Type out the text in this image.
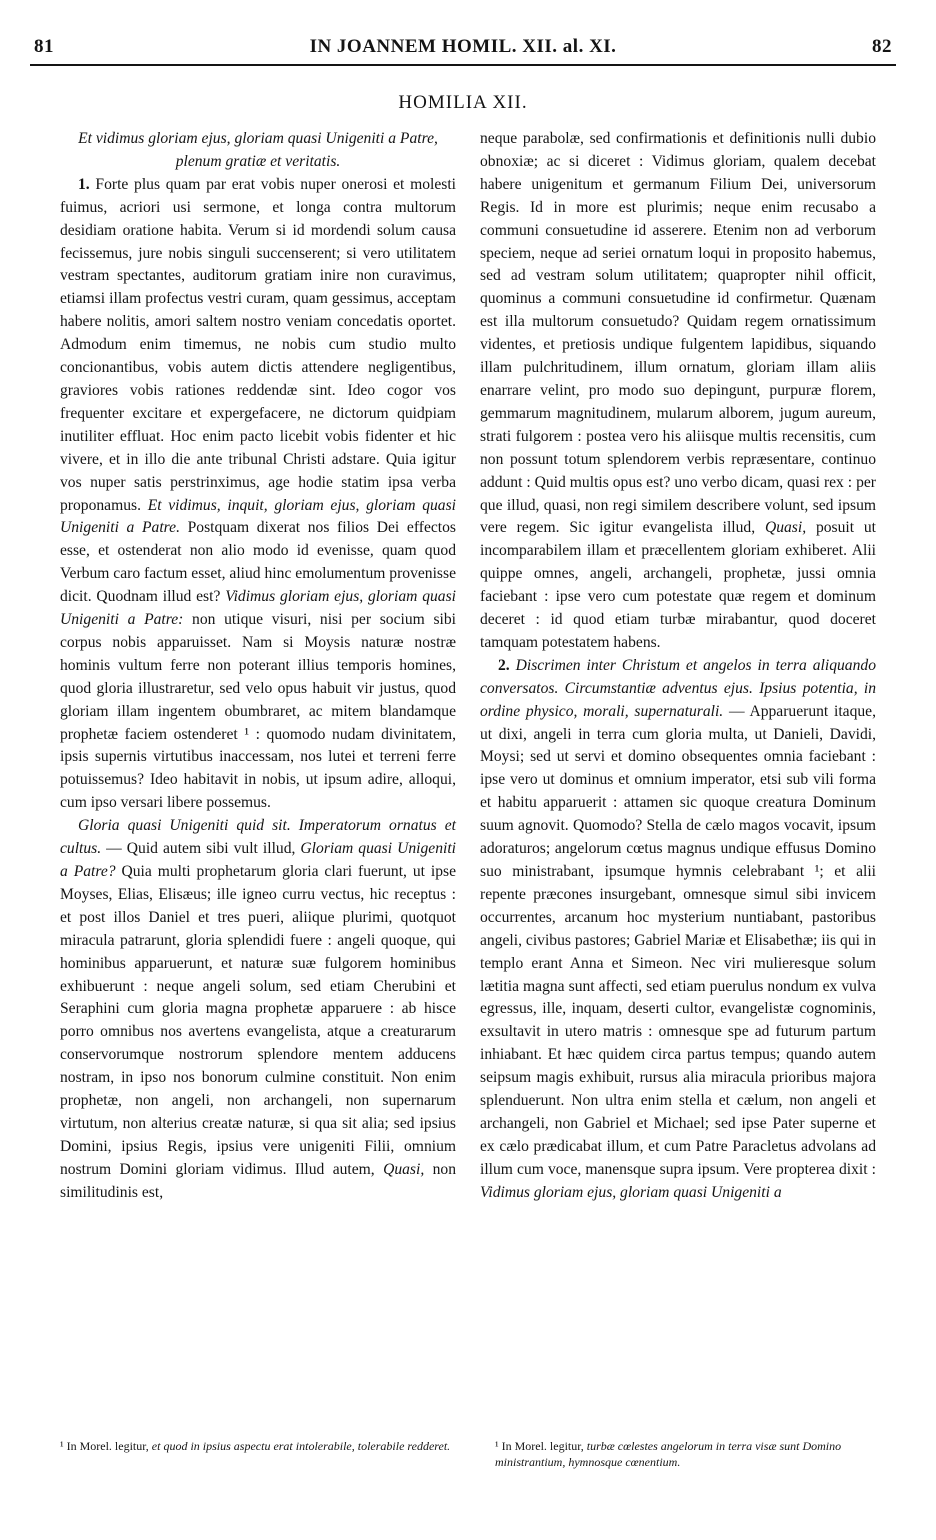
81	IN JOANNEM HOMIL. XII. al. XI.	82
HOMILIA XII.

Et vidimus gloriam ejus, gloriam quasi Unigeniti a Patre, plenum gratiæ et veritatis.

1. Forte plus quam par erat vobis nuper onerosi et molesti fuimus, acriori usi sermone, et longa contra multorum desidiam oratione habita. Verum si id mordendi solum causa fecissemus, jure nobis singuli succenserent; si vero utilitatem vestram spectantes, auditorum gratiam inire non curavimus, etiamsi illam profectus vestri curam, quam gessimus, acceptam habere nolitis, amori saltem nostro veniam concedatis oportet. Admodum enim timemus, ne nobis cum studio multo concionantibus, vobis autem dictis attendere negligentibus, graviores vobis rationes reddendæ sint. Ideo cogor vos frequenter excitare et expergefacere, ne dictorum quidpiam inutiliter effluat. Hoc enim pacto licebit vobis fidenter et hic vivere, et in illo die ante tribunal Christi adstare. Quia igitur vos nuper satis perstrinximus, age hodie statim ipsa verba proponamus. Et vidimus, inquit, gloriam ejus, gloriam quasi Unigeniti a Patre. Postquam dixerat nos filios Dei effectos esse, et ostenderat non alio modo id evenisse, quam quod Verbum caro factum esset, aliud hinc emolumentum provenisse dicit. Quodnam illud est? Vidimus gloriam ejus, gloriam quasi Unigeniti a Patre: non utique visuri, nisi per socium sibi corpus nobis apparuisset. Nam si Moysis naturæ nostræ hominis vultum ferre non poterant illius temporis homines, quod gloria illustraretur, sed velo opus habuit vir justus, quod gloriam illam ingentem obumbraret, ac mitem blandamque prophetæ faciem ostenderet ¹ : quomodo nudam divinitatem, ipsis supernis virtutibus inaccessam, nos lutei et terreni ferre potuissemus? Ideo habitavit in nobis, ut ipsum adire, alloqui, cum ipso versari libere possemus.

Gloria quasi Unigeniti quid sit. Imperatorum ornatus et cultus. — Quid autem sibi vult illud, Gloriam quasi Unigeniti a Patre? Quia multi prophetarum gloria clari fuerunt, ut ipse Moyses, Elias, Elisæus; ille igneo curru vectus, hic receptus : et post illos Daniel et tres pueri, aliique plurimi, quotquot miracula patrarunt, gloria splendidi fuere : angeli quoque, qui hominibus apparuerunt, et naturæ suæ fulgorem hominibus exhibuerunt : neque angeli solum, sed etiam Cherubini et Seraphini cum gloria magna prophetæ apparuere : ab hisce porro omnibus nos avertens evangelista, atque a creaturarum conservorumque nostrorum splendore mentem adducens nostram, in ipso nos bonorum culmine constituit. Non enim prophetæ, non angeli, non archangeli, non supernarum virtutum, non alterius creatæ naturæ, si qua sit alia; sed ipsius Domini, ipsius Regis, ipsius vere unigeniti Filii, omnium nostrum Domini gloriam vidimus. Illud autem, Quasi, non similitudinis est,

neque parabolæ, sed confirmationis et definitionis nulli dubio obnoxiæ; ac si diceret : Vidimus gloriam, qualem decebat habere unigenitum et germanum Filium Dei, universorum Regis. Id in more est plurimis; neque enim recusabo a communi consuetudine id asserere. Etenim non ad verborum speciem, neque ad seriei ornatum loqui in proposito habemus, sed ad vestram solum utilitatem; quapropter nihil officit, quominus a communi consuetudine id confirmetur. Quænam est illa multorum consuetudo? Quidam regem ornatissimum videntes, et pretiosis undique fulgentem lapidibus, siquando illam pulchritudinem, illum ornatum, gloriam illam aliis enarrare velint, pro modo suo depingunt, purpuræ florem, gemmarum magnitudinem, mularum alborem, jugum aureum, strati fulgorem : postea vero his aliisque multis recensitis, cum non possunt totum splendorem verbis repræsentare, continuo addunt : Quid multis opus est? uno verbo dicam, quasi rex : per que illud, quasi, non regi similem describere volunt, sed ipsum vere regem. Sic igitur evangelista illud, Quasi, posuit ut incomparabilem illam et præcellentem gloriam exhiberet. Alii quippe omnes, angeli, archangeli, prophetæ, jussi omnia faciebant : ipse vero cum potestate quæ regem et dominum deceret : id quod etiam turbæ mirabantur, quod doceret tamquam potestatem habens.

2. Discrimen inter Christum et angelos in terra aliquando conversatos. Circumstantiæ adventus ejus. Ipsius potentia, in ordine physico, morali, supernaturali. — Apparuerunt itaque, ut dixi, angeli in terra cum gloria multa, ut Danieli, Davidi, Moysi; sed ut servi et domino obsequentes omnia faciebant : ipse vero ut dominus et omnium imperator, etsi sub vili forma et habitu apparuerit : attamen sic quoque creatura Dominum suum agnovit. Quomodo? Stella de cælo magos vocavit, ipsum adoraturos; angelorum cœtus magnus undique effusus Domino suo ministrabant, ipsumque hymnis celebrabant ¹; et alii repente præcones insurgebant, omnesque simul sibi invicem occurrentes, arcanum hoc mysterium nuntiabant, pastoribus angeli, civibus pastores; Gabriel Mariæ et Elisabethæ; iis qui in templo erant Anna et Simeon. Nec viri mulieresque solum lætitia magna sunt affecti, sed etiam puerulus nondum ex vulva egressus, ille, inquam, deserti cultor, evangelistæ cognominis, exsultavit in utero matris : omnesque spe ad futurum partum inhiabant. Et hæc quidem circa partus tempus; quando autem seipsum magis exhibuit, rursus alia miracula prioribus majora splenduerunt. Non ultra enim stella et cælum, non angeli et archangeli, non Gabriel et Michael; sed ipse Pater superne et ex cælo prædicabat illum, et cum Patre Paracletus advolans ad illum cum voce, manensque supra ipsum. Vere propterea dixit : Vidimus gloriam ejus, gloriam quasi Unigeniti a

¹ In Morel. legitur, et quod in ipsius aspectu erat intolerabile, tolerabile redderet.	¹ In Morel. legitur, turbæ cœlestes angelorum in terra visæ sunt Domino ministrantium, hymnosque cœnentium.
